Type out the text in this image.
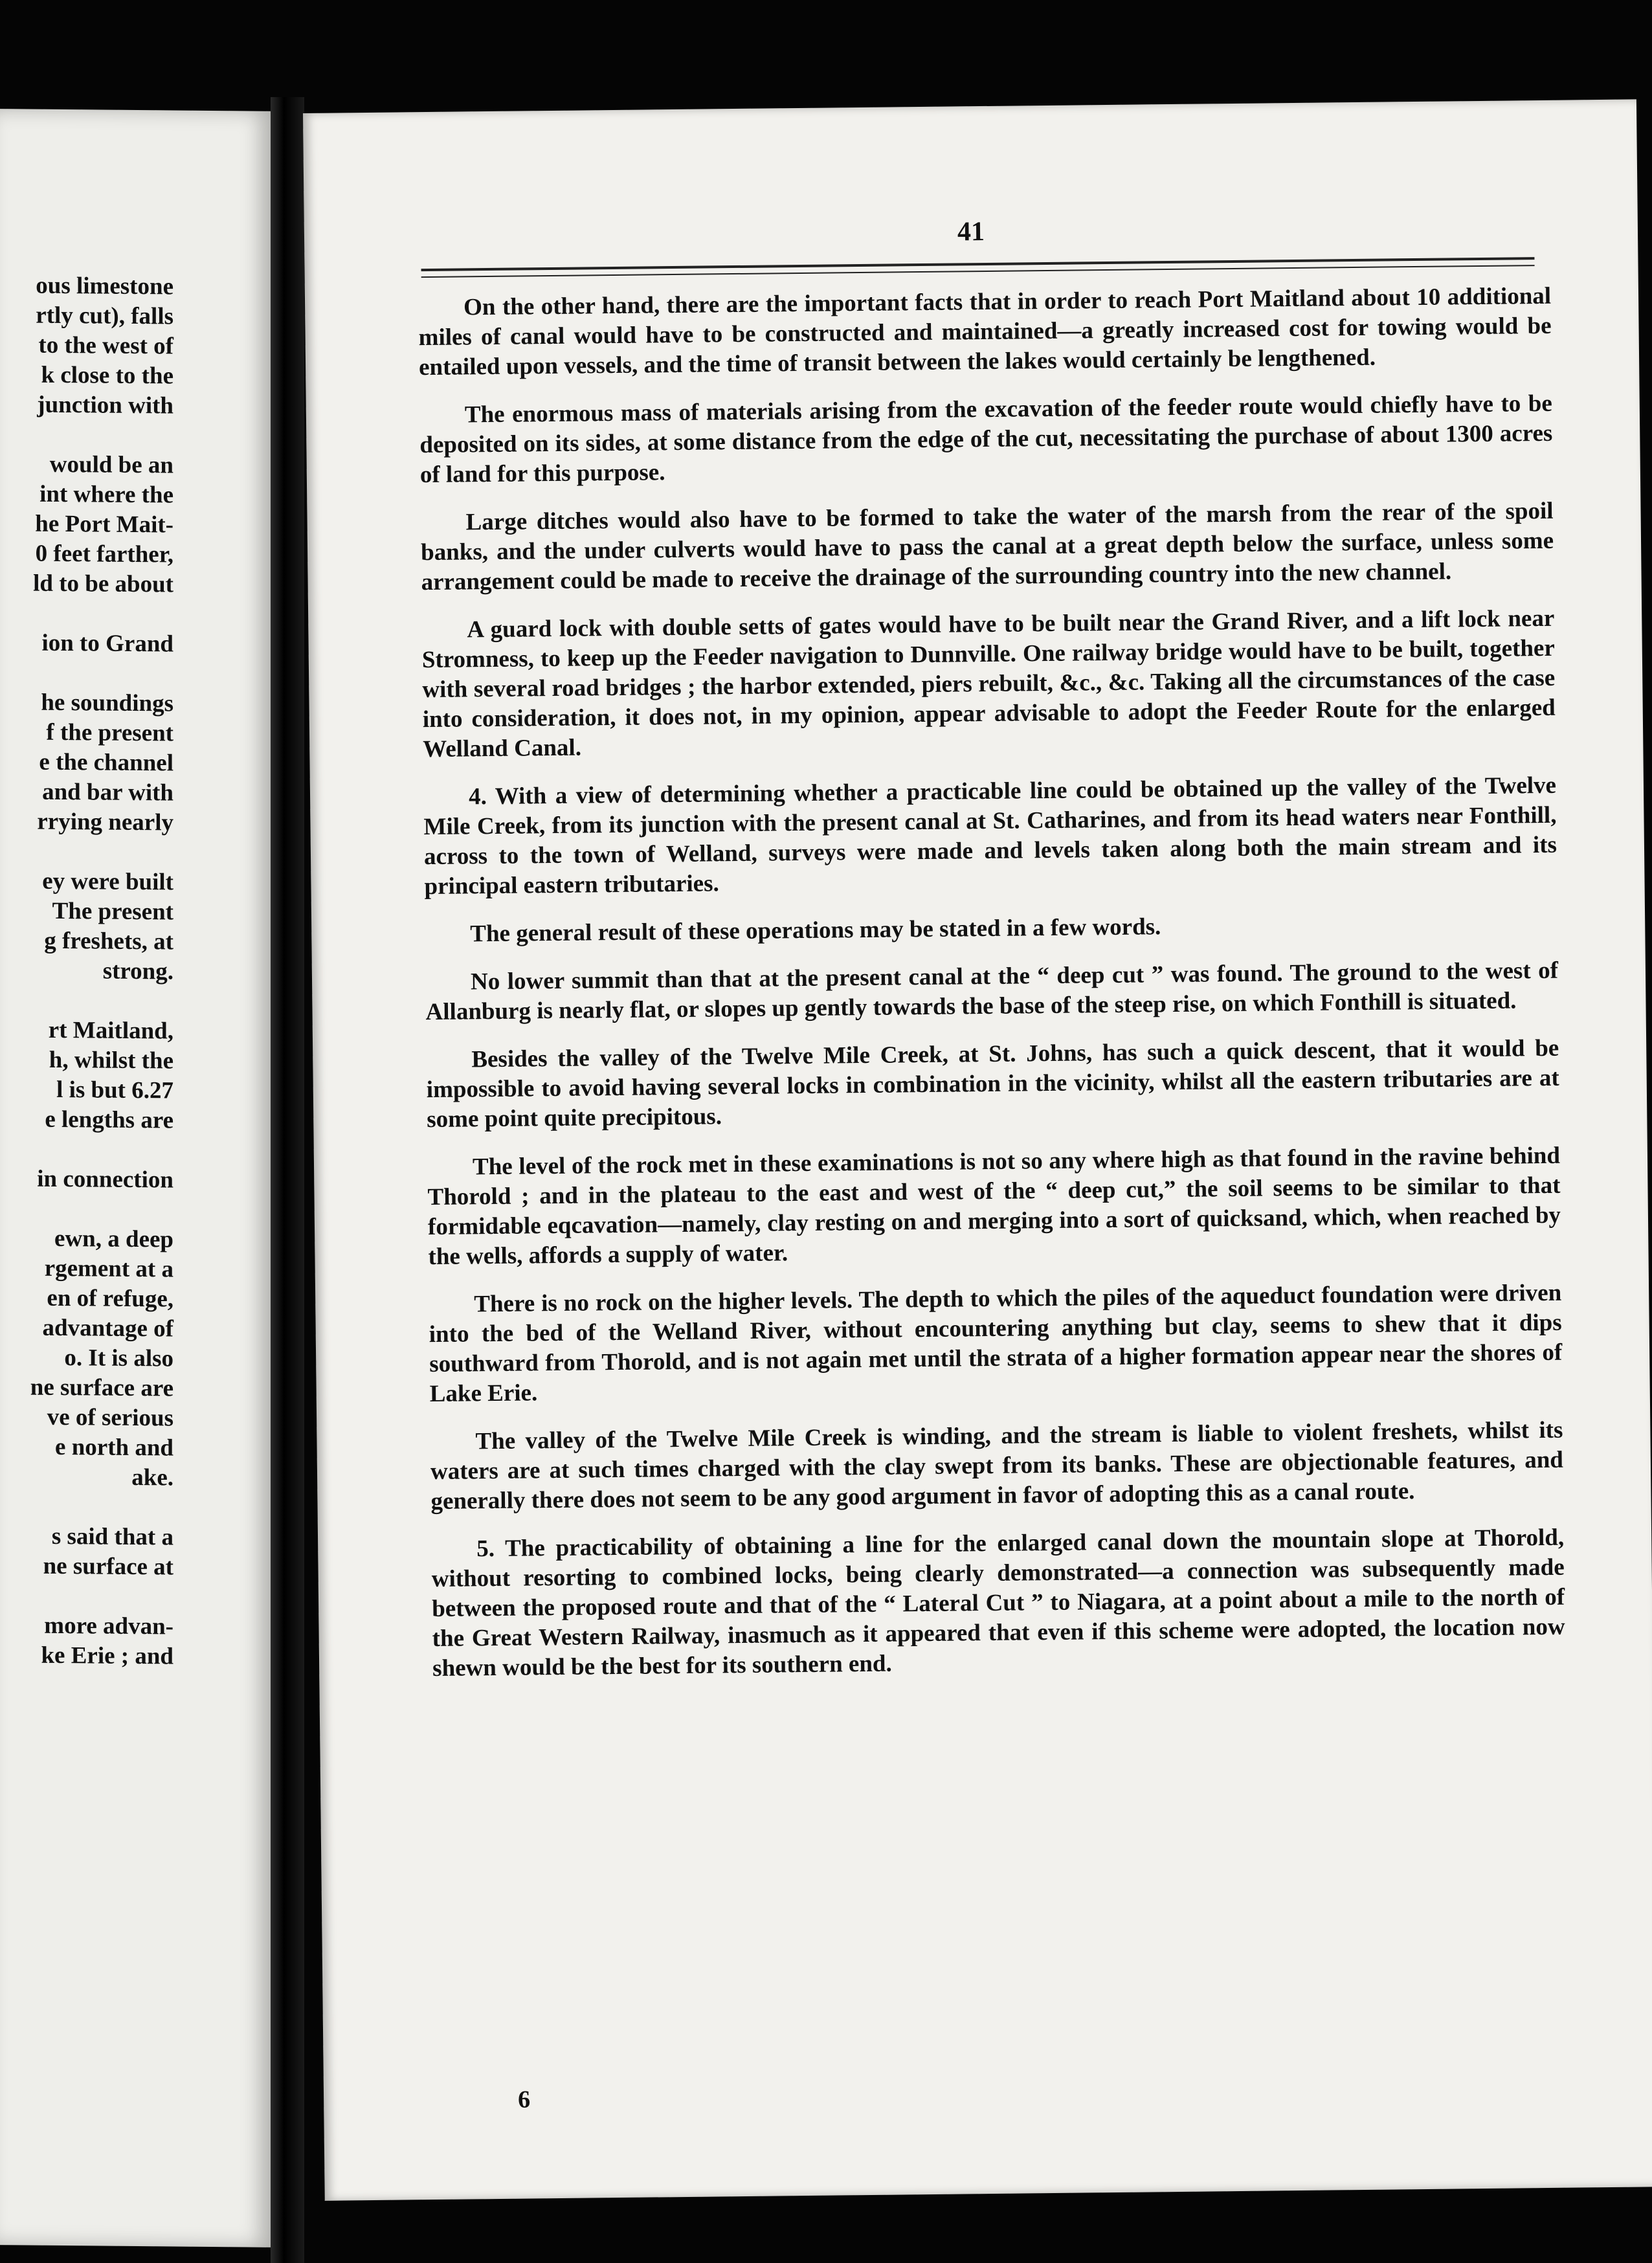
ous limestone
rtly cut), falls
to the west of
k close to the
junction with
would be an
int where the
he Port Mait-
0 feet farther,
ld to be about
ion to Grand
he soundings
f the present
e the channel
and bar with
rrying nearly
ey were built
The present
g freshets, at
strong.
rt Maitland,
h, whilst the
l is but 6.27
e lengths are
in connection
ewn, a deep
rgement at a
en of refuge,
advantage of
o. It is also
ne surface are
ve of serious
e north and
ake.
s said that a
ne surface at
more advan-
ke Erie ; and
41

On the other hand, there are the important facts that in order to reach Port Maitland about 10 additional miles of canal would have to be constructed and maintained—a greatly increased cost for towing would be entailed upon vessels, and the time of transit between the lakes would certainly be lengthened.

The enormous mass of materials arising from the excavation of the feeder route would chiefly have to be deposited on its sides, at some distance from the edge of the cut, necessitating the purchase of about 1300 acres of land for this purpose.

Large ditches would also have to be formed to take the water of the marsh from the rear of the spoil banks, and the under culverts would have to pass the canal at a great depth below the surface, unless some arrangement could be made to receive the drainage of the surrounding country into the new channel.

A guard lock with double setts of gates would have to be built near the Grand River, and a lift lock near Stromness, to keep up the Feeder navigation to Dunnville. One railway bridge would have to be built, together with several road bridges ; the harbor extended, piers rebuilt, &c., &c. Taking all the circumstances of the case into consideration, it does not, in my opinion, appear advisable to adopt the Feeder Route for the enlarged Welland Canal.

4. With a view of determining whether a practicable line could be obtained up the valley of the Twelve Mile Creek, from its junction with the present canal at St. Catharines, and from its head waters near Fonthill, across to the town of Welland, surveys were made and levels taken along both the main stream and its principal eastern tributaries.

The general result of these operations may be stated in a few words.

No lower summit than that at the present canal at the “ deep cut ” was found. The ground to the west of Allanburg is nearly flat, or slopes up gently towards the base of the steep rise, on which Fonthill is situated.

Besides the valley of the Twelve Mile Creek, at St. Johns, has such a quick descent, that it would be impossible to avoid having several locks in combination in the vicinity, whilst all the eastern tributaries are at some point quite precipitous.

The level of the rock met in these examinations is not so any where high as that found in the ravine behind Thorold ; and in the plateau to the east and west of the “ deep cut,” the soil seems to be similar to that formidable eqcavation—namely, clay resting on and merging into a sort of quicksand, which, when reached by the wells, affords a supply of water.

There is no rock on the higher levels. The depth to which the piles of the aqueduct foundation were driven into the bed of the Welland River, without encountering anything but clay, seems to shew that it dips southward from Thorold, and is not again met until the strata of a higher formation appear near the shores of Lake Erie.

The valley of the Twelve Mile Creek is winding, and the stream is liable to violent freshets, whilst its waters are at such times charged with the clay swept from its banks. These are objectionable features, and generally there does not seem to be any good argument in favor of adopting this as a canal route.

5. The practicability of obtaining a line for the enlarged canal down the mountain slope at Thorold, without resorting to combined locks, being clearly demonstrated—a connection was subsequently made between the proposed route and that of the “ Lateral Cut ” to Niagara, at a point about a mile to the north of the Great Western Railway, inasmuch as it appeared that even if this scheme were adopted, the location now shewn would be the best for its southern end.

6
